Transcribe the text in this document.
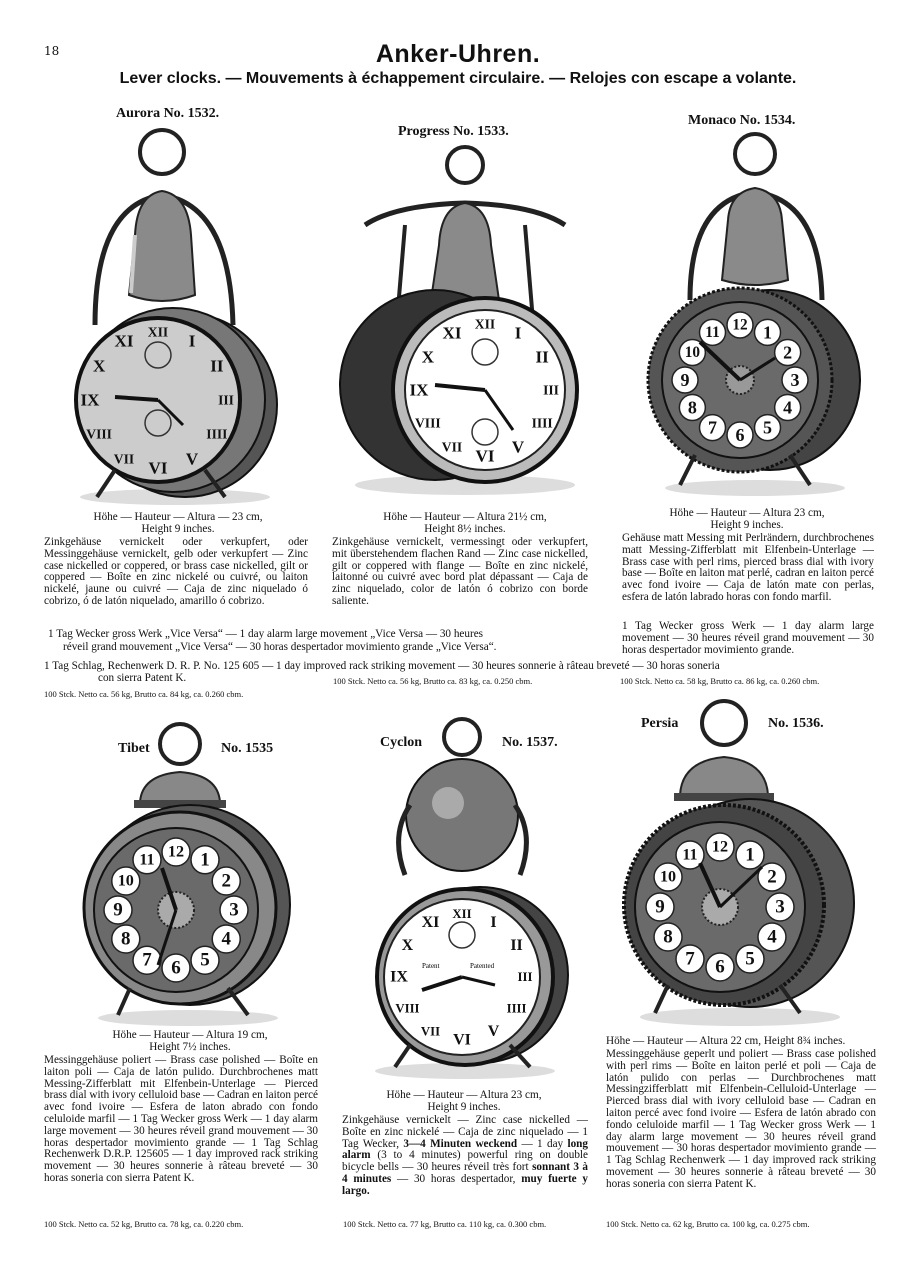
18	Anker-Uhren.
Lever clocks. — Mouvements à échappement circulaire. — Relojes con escape a volante.
Aurora No. 1532.
XII I
II
III
IIII
V
VI
VII
VIII
IX
X
XI

Höhe — Hauteur — Altura — 23 cm,

Height 9 inches.

Zinkgehäuse vernickelt oder verkupfert, oder Messinggehäuse vernickelt, gelb oder verkupfert — Zinc case nickelled or coppered, or brass case nickelled, gilt or coppered — Boîte en zinc nickelé ou cuivré, ou laiton nickelé, jaune ou cuivré — Caja de zinc niquelado ó cobrizo, ó de latón niquelado, amarillo ó cobrizo.
Progress No. 1533.
XII I
II
III
IIII
V
VI
VII
VIII
IX
X
XI

Höhe — Hauteur — Altura 21½ cm,

Height 8½ inches.

Zinkgehäuse vernickelt, vermessingt oder verkupfert, mit überstehendem flachen Rand — Zinc case nickelled, gilt or coppered with flange — Boîte en zinc nickelé, laitonné ou cuivré avec bord plat dépassant — Caja de zinc niquelado, color de latón ó cobrizo con borde saliente.
Monaco No. 1534.
12 1
2
3
4
5
6
7
8
9
10
11

Höhe — Hauteur — Altura 23 cm,

Height 9 inches.

Gehäuse matt Messing mit Perlrändern, durchbrochenes matt Messing-Zifferblatt mit Elfenbein-Unterlage — Brass case with perl rims, pierced brass dial with ivory base — Boîte en laiton mat perlé, cadran en laiton percé avec fond ivoire — Caja de latón mate con perlas, esfera de latón labrado horas con fondo marfil.
1 Tag Wecker gross Werk — 1 day alarm large movement — 30 heures réveil grand mouvement — 30 horas despertador movimiento grande.
1 Tag Wecker gross Werk „Vice Versa“ — 1 day alarm large movement „Vice Versa — 30 heures
réveil grand mouvement „Vice Versa“ — 30 horas despertador movimiento grande „Vice Versa“.
1 Tag Schlag, Rechenwerk D. R. P. No. 125 605 — 1 day improved rack striking movement — 30 heures sonnerie à râteau breveté — 30 horas soneria
con sierra Patent K.	100 Stck. Netto ca. 56 kg, Brutto ca. 83 kg, ca. 0.250 cbm.	100 Stck. Netto ca. 58 kg, Brutto ca. 86 kg, ca. 0.260 cbm.
100 Stck. Netto ca. 56 kg, Brutto ca. 84 kg, ca. 0.260 cbm.
Tibet	No. 1535
12 1
2
3
4
5
6
7
8
9
10
11

Höhe — Hauteur — Altura 19 cm,

Height 7½ inches.

Messinggehäuse poliert — Brass case polished — Boîte en laiton poli — Caja de latón pulido. Durchbrochenes matt Messing-Zifferblatt mit Elfenbein-Unterlage — Pierced brass dial with ivory celluloid base — Cadran en laiton percé avec fond ivoire — Esfera de laton abrado con fondo celuloide marfil — 1 Tag Wecker gross Werk — 1 day alarm large movement — 30 heures réveil grand mouvement — 30 horas despertador movimiento grande — 1 Tag Schlag Rechenwerk D.R.P. 125605 — 1 day improved rack striking movement — 30 heures sonnerie à râteau breveté — 30 horas soneria con sierra Patent K.
100 Stck. Netto ca. 52 kg, Brutto ca. 78 kg, ca. 0.220 cbm.
Cyclon	No. 1537.
XII I
II
III
IIII
V
VI
VII
VIII
IX
X
XI
Patent	Patented

Höhe — Hauteur — Altura 23 cm,

Height 9 inches.

Zinkgehäuse vernickelt — Zinc case nickelled — Boîte en zinc nickelé — Caja de zinc niquelado — 1 Tag Wecker, 3—4 Minuten weckend — 1 day long alarm (3 to 4 minutes) powerful ring on double bicycle bells — 30 heures réveil très fort sonnant 3 à 4 minutes — 30 horas despertador, muy fuerte y largo.
100 Stck. Netto ca. 77 kg, Brutto ca. 110 kg, ca. 0.300 cbm.
Persia	No. 1536.
12 1
2
3
4
5
6
7
8
9
10
11
Höhe — Hauteur — Altura 22 cm, Height 8¾ inches.
Messinggehäuse geperlt und poliert — Brass case polished with perl rims — Boîte en laiton perlé et poli — Caja de latón pulido con perlas — Durchbrochenes matt Messingzifferblatt mit Elfenbein-Celluloid-Unterlage — Pierced brass dial with ivory celluloid base — Cadran en laiton percé avec fond ivoire — Esfera de latón abrado con fondo celuloide marfil — 1 Tag Wecker gross Werk — 1 day alarm large movement — 30 heures réveil grand mouvement — 30 horas despertador movimiento grande — 1 Tag Schlag Rechenwerk — 1 day improved rack striking movement — 30 heures sonnerie à râteau breveté — 30 horas soneria con sierra Patent K.
100 Stck. Netto ca. 62 kg, Brutto ca. 100 kg, ca. 0.275 cbm.
